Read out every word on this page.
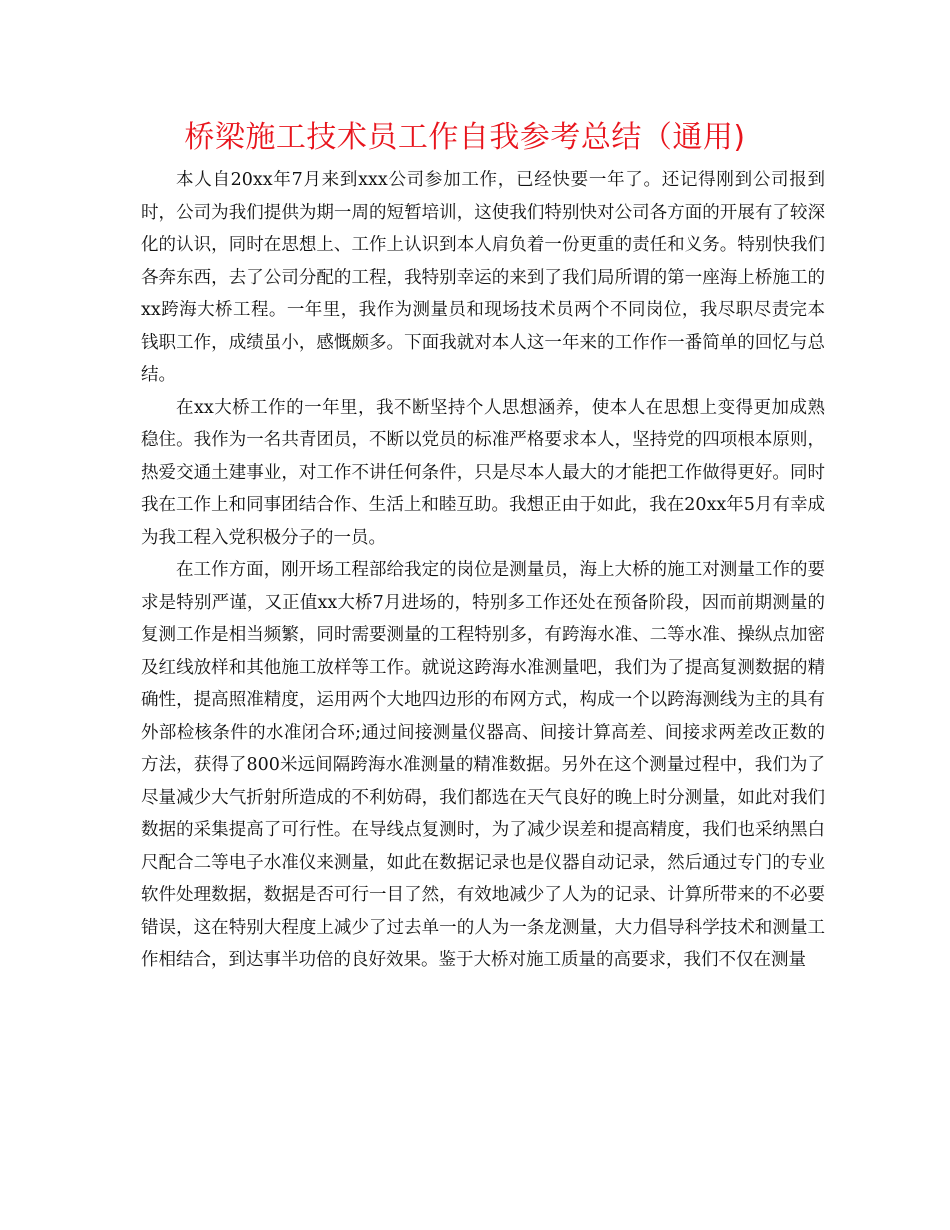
桥梁施工技术员工作自我参考总结（通用)

本人自20xx年7月来到xxx公司参加工作，已经快要一年了。还记得刚到公司报到时，公司为我们提供为期一周的短暂培训，这使我们特别快对公司各方面的开展有了较深化的认识，同时在思想上、工作上认识到本人肩负着一份更重的责任和义务。特别快我们各奔东西，去了公司分配的工程，我特别幸运的来到了我们局所谓的第一座海上桥施工的xx跨海大桥工程。一年里，我作为测量员和现场技术员两个不同岗位，我尽职尽责完本钱职工作，成绩虽小，感慨颇多。下面我就对本人这一年来的工作作一番简单的回忆与总结。

在xx大桥工作的一年里，我不断坚持个人思想涵养，使本人在思想上变得更加成熟稳住。我作为一名共青团员，不断以党员的标准严格要求本人，坚持党的四项根本原则，热爱交通土建事业，对工作不讲任何条件，只是尽本人最大的才能把工作做得更好。同时我在工作上和同事团结合作、生活上和睦互助。我想正由于如此，我在20xx年5月有幸成为我工程入党积极分子的一员。

在工作方面，刚开场工程部给我定的岗位是测量员，海上大桥的施工对测量工作的要求是特别严谨，又正值xx大桥7月进场的，特别多工作还处在预备阶段，因而前期测量的复测工作是相当频繁，同时需要测量的工程特别多，有跨海水准、二等水准、操纵点加密及红线放样和其他施工放样等工作。就说这跨海水准测量吧，我们为了提高复测数据的精确性，提高照准精度，运用两个大地四边形的布网方式，构成一个以跨海测线为主的具有外部检核条件的水准闭合环;通过间接测量仪器高、间接计算高差、间接求两差改正数的方法，获得了800米远间隔跨海水准测量的精准数据。另外在这个测量过程中，我们为了尽量减少大气折射所造成的不利妨碍，我们都选在天气良好的晚上时分测量，如此对我们数据的采集提高了可行性。在导线点复测时，为了减少误差和提高精度，我们也采纳黑白尺配合二等电子水准仪来测量，如此在数据记录也是仪器自动记录，然后通过专门的专业软件处理数据，数据是否可行一目了然，有效地减少了人为的记录、计算所带来的不必要错误，这在特别大程度上减少了过去单一的人为一条龙测量，大力倡导科学技术和测量工作相结合，到达事半功倍的良好效果。鉴于大桥对施工质量的高要求，我们不仅在测量
